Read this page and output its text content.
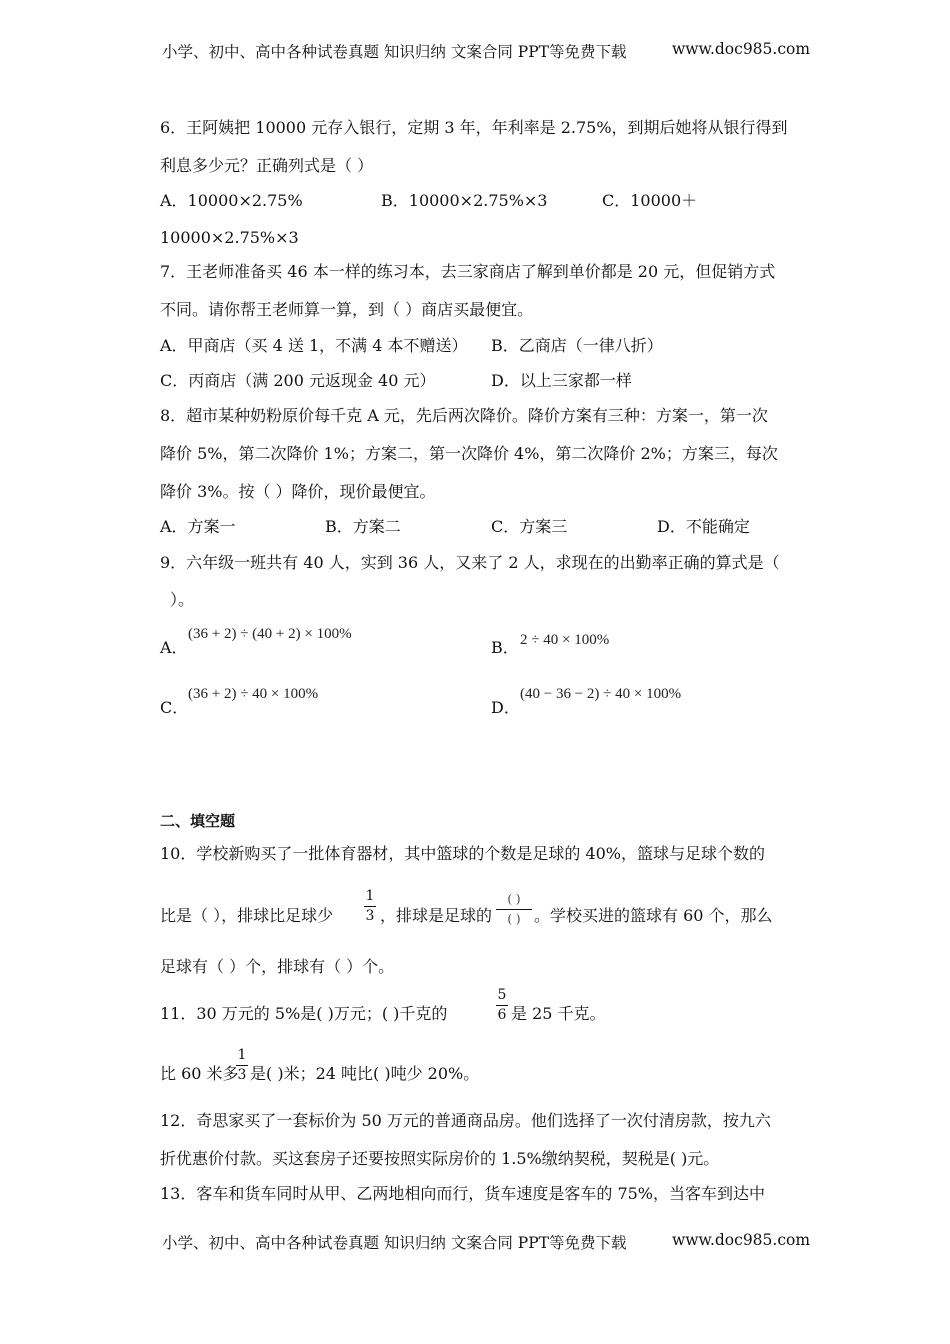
小学、初中、高中各种试卷真题 知识归纳 文案合同 PPT等免费下载	www.doc985.com
6．王阿姨把 10000 元存入银行，定期 3 年，年利率是 2.75%，到期后她将从银行得到
利息多少元？正确列式是（ ）
A．10000×2.75%	B．10000×2.75%×3	C．10000＋
10000×2.75%×3
7．王老师准备买 46 本一样的练习本，去三家商店了解到单价都是 20 元，但促销方式
不同。请你帮王老师算一算，到（ ）商店买最便宜。
A．甲商店（买 4 送 1，不满 4 本不赠送） B．乙商店（一律八折）
C．丙商店（满 200 元返现金 40 元）	D．以上三家都一样
8．超市某种奶粉原价每千克 A 元，先后两次降价。降价方案有三种：方案一，第一次
降价 5%，第二次降价 1%；方案二，第一次降价 4%，第二次降价 2%；方案三，每次
降价 3%。按（ ）降价，现价最便宜。
A．方案一	B．方案二	C．方案三	D．不能确定
9．六年级一班共有 40 人，实到 36 人，又来了 2 人，求现在的出勤率正确的算式是（
）。
A．
(36 + 2) ÷ (40 + 2) × 100%
B． 2 ÷ 40 × 100%
C．
(36 + 2) ÷ 40 × 100%
D．
(40 − 36 − 2) ÷ 40 × 100%
二、填空题
10．学校新购买了一批体育器材，其中篮球的个数是足球的 40%，篮球与足球个数的
比是（ ），排球比足球少
1
3 ，排球是足球的
( )
( ) 。学校买进的篮球有 60 个，那么
足球有（ ）个，排球有（ ）个。
11．30 万元的 5%是( )万元；( )千克的
5
6 是 25 千克。
比 60 米多
1
3 是( )米；24 吨比( )吨少 20%。
12．奇思家买了一套标价为 50 万元的普通商品房。他们选择了一次付清房款，按九六
折优惠价付款。买这套房子还要按照实际房价的 1.5%缴纳契税，契税是( )元。
13．客车和货车同时从甲、乙两地相向而行，货车速度是客车的 75%，当客车到达中
小学、初中、高中各种试卷真题 知识归纳 文案合同 PPT等免费下载	www.doc985.com
